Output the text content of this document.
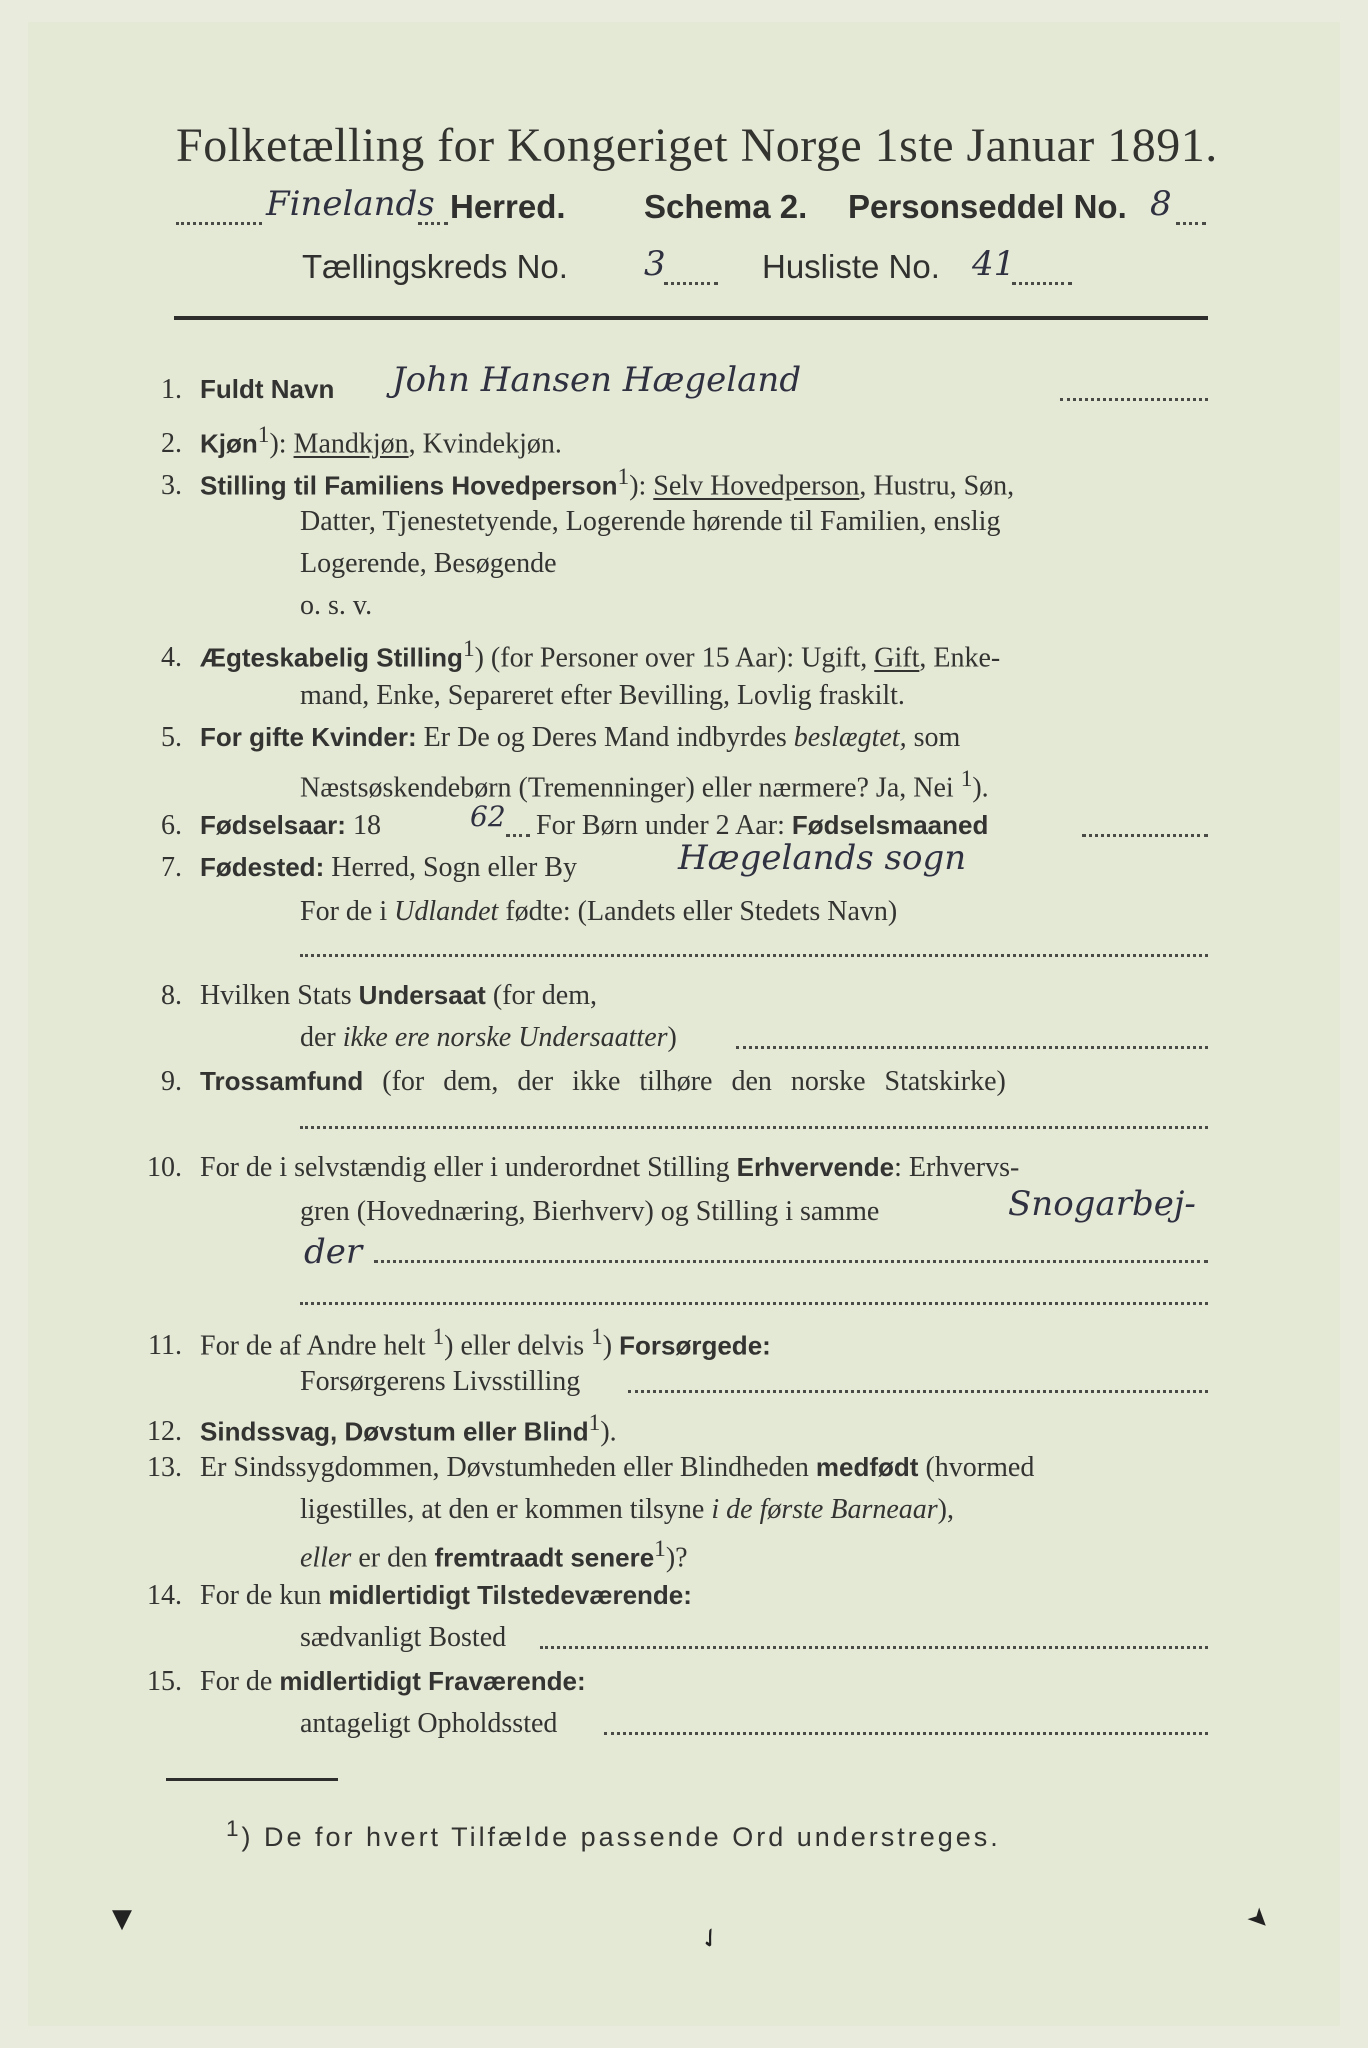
Folketælling for Kongeriget Norge 1ste Januar 1891.
Finelands Herred. Schema 2. Personseddel No. 8
Tællingskreds No. 3	Husliste No. 41
1. Fuldt Navn John Hansen Hægeland
2. Kjøn$^1$): Mandkjøn, Kvindekjøn.
3. Stilling til Familiens Hovedperson$^1$): Selv Hovedperson, Hustru, Søn,
Datter, Tjenestetyende, Logerende hørende til Familien, enslig
Logerende, Besøgende
o. s. v.
4. Ægteskabelig Stilling$^1$) (for Personer over 15 Aar): Ugift, Gift, Enke-
mand, Enke, Separeret efter Bevilling, Lovlig fraskilt.
5. For gifte Kvinder: Er De og Deres Mand indbyrdes beslægtet, som
Næstsøskendebørn (Tremenninger) eller nærmere? Ja, Nei $^1$).
6. Fødselsaar: 18	62 For Børn under 2 Aar: Fødselsmaaned
7. Fødested: Herred, Sogn eller By	Hægelands sogn
For de i Udlandet fødte: (Landets eller Stedets Navn)
8. Hvilken Stats Undersaat (for dem,
der ikke ere norske Undersaatter)
9. Trossamfund (for dem, der ikke tilhøre den norske Statskirke)
10. For de i selvstændig eller i underordnet Stilling Erhvervende: Erhvervs-
gren (Hovednæring, Bierhverv) og Stilling i samme	Snogarbej-
der
11. For de af Andre helt $^1$) eller delvis $^1$) Forsørgede:
Forsørgerens Livsstilling
12. Sindssvag, Døvstum eller Blind$^1$).
13. Er Sindssygdommen, Døvstumheden eller Blindheden medfødt (hvormed
ligestilles, at den er kommen tilsyne i de første Barneaar),
eller er den fremtraadt senere$^1$)?
14. For de kun midlertidigt Tilstedeværende:
sædvanligt Bosted
15. For de midlertidigt Fraværende:
antageligt Opholdssted
$^1$) De for hvert Tilfælde passende Ord understreges.
▼
✓
➤
